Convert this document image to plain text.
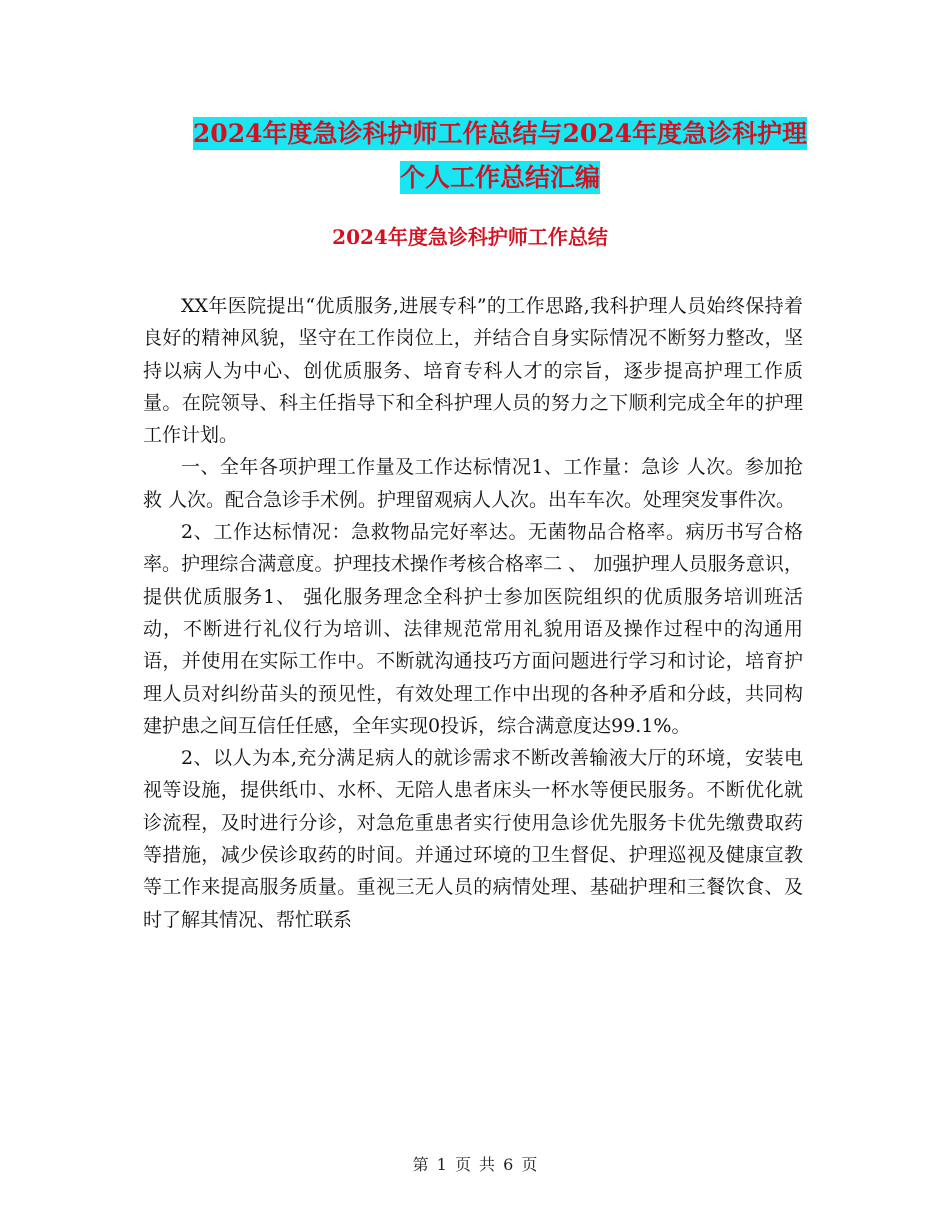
2024年度急诊科护师工作总结与2024年度急诊科护理
个人工作总结汇编
2024年度急诊科护师工作总结

XX年医院提出“优质服务,进展专科”的工作思路,我科护理人员始终保持着良好的精神风貌，坚守在工作岗位上，并结合自身实际情况不断努力整改，坚持以病人为中心、创优质服务、培育专科人才的宗旨，逐步提高护理工作质量。在院领导、科主任指导下和全科护理人员的努力之下顺利完成全年的护理工作计划。

一、全年各项护理工作量及工作达标情况1、工作量：急诊 人次。参加抢救 人次。配合急诊手术例。护理留观病人人次。出车车次。处理突发事件次。

2、工作达标情况：急救物品完好率达。无菌物品合格率。病历书写合格率。护理综合满意度。护理技术操作考核合格率二 、 加强护理人员服务意识，提供优质服务1、 强化服务理念全科护士参加医院组织的优质服务培训班活动，不断进行礼仪行为培训、法律规范常用礼貌用语及操作过程中的沟通用语，并使用在实际工作中。不断就沟通技巧方面问题进行学习和讨论，培育护理人员对纠纷苗头的预见性，有效处理工作中出现的各种矛盾和分歧，共同构建护患之间互信任任感，全年实现0投诉，综合满意度达99.1%。

2、以人为本,充分满足病人的就诊需求不断改善输液大厅的环境，安装电视等设施，提供纸巾、水杯、无陪人患者床头一杯水等便民服务。不断优化就诊流程，及时进行分诊，对急危重患者实行使用急诊优先服务卡优先缴费取药等措施，减少侯诊取药的时间。并通过环境的卫生督促、护理巡视及健康宣教等工作来提高服务质量。重视三无人员的病情处理、基础护理和三餐饮食、及时了解其情况、帮忙联系

第 1 页 共 6 页
